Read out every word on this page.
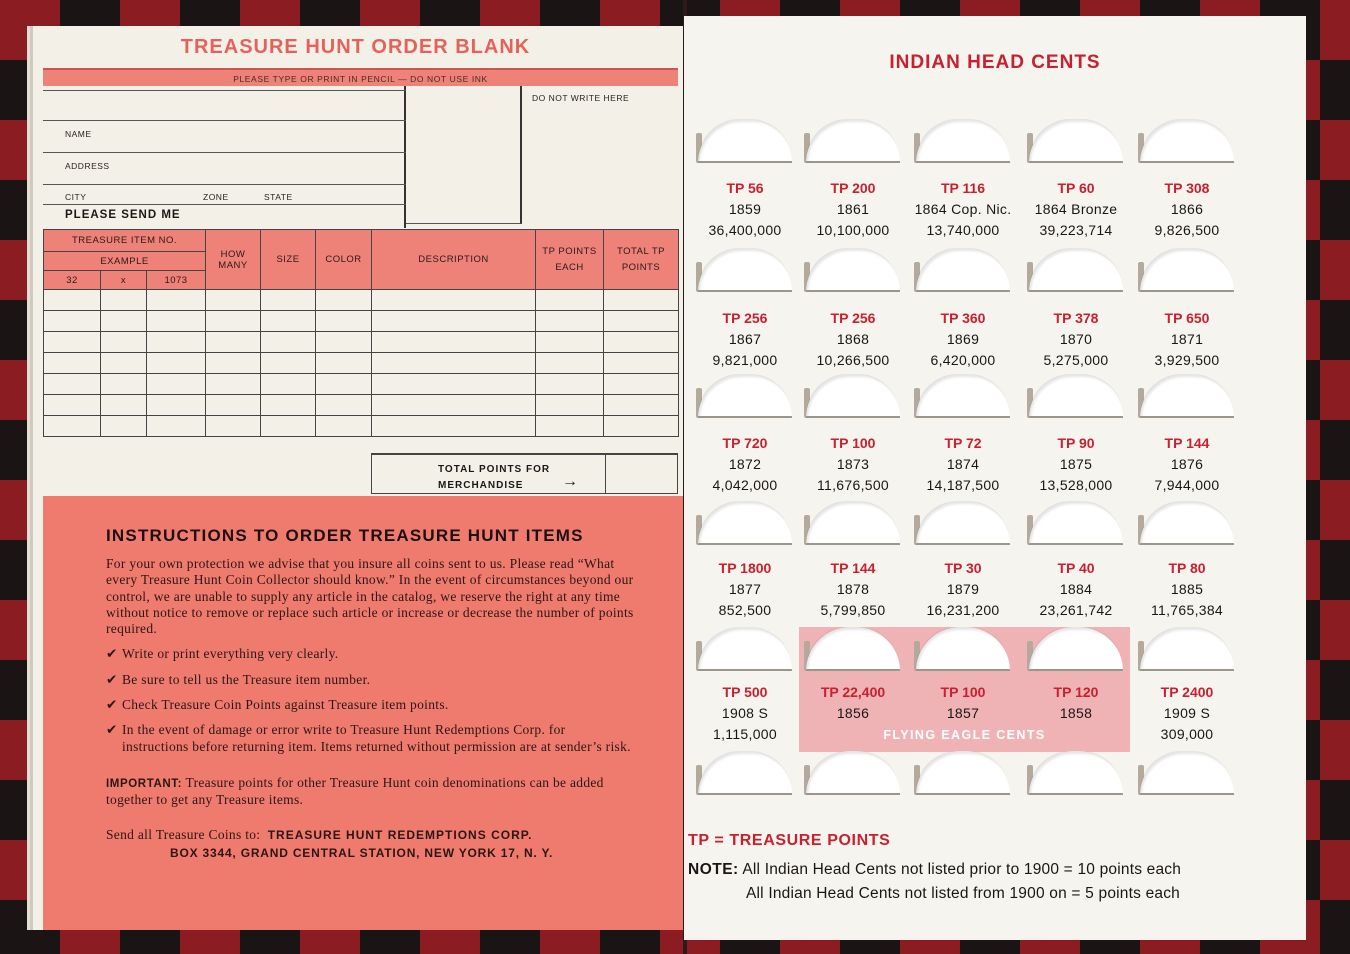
TREASURE HUNT ORDER BLANK
PLEASE TYPE OR PRINT IN PENCIL — DO NOT USE INK
NAME
ADDRESS
CITY	ZONE	STATE
PLEASE SEND ME
DO NOT WRITE HERE
TREASURE ITEM NO.			HOW MANY	SIZE	COLOR	DESCRIPTION	TP POINTS EACH	TOTAL TP POINTS
EXAMPLE								
32	x	1073						

TOTAL POINTS FOR MERCHANDISE	→
INSTRUCTIONS TO ORDER TREASURE HUNT ITEMS

For your own protection we advise that you insure all coins sent to us. Please read “What every Treasure Hunt Coin Collector should know.” In the event of circumstances beyond our control, we are unable to supply any article in the catalog, we reserve the right at any time without notice to remove or replace such article or increase or decrease the number of points required.

✔ Write or print everything very clearly.
✔ Be sure to tell us the Treasure item number.
✔ Check Treasure Coin Points against Treasure item points.
✔ In the event of damage or error write to Treasure Hunt Redemptions Corp. for instructions before returning item. Items returned without permission are at sender’s risk.

IMPORTANT: Treasure points for other Treasure Hunt coin denominations can be added together to get any Treasure items.

Send all Treasure Coins to: TREASURE HUNT REDEMPTIONS CORP.

BOX 3344, GRAND CENTRAL STATION, NEW YORK 17, N. Y.
INDIAN HEAD CENTS
FLYING EAGLE CENTS
TP 56
1859
36,400,000
TP 200
1861
10,100,000
TP 116
1864 Cop. Nic.
13,740,000
TP 60
1864 Bronze
39,223,714
TP 308
1866
9,826,500
TP 256
1867
9,821,000
TP 256
1868
10,266,500
TP 360
1869
6,420,000
TP 378
1870
5,275,000
TP 650
1871
3,929,500
TP 720
1872
4,042,000
TP 100
1873
11,676,500
TP 72
1874
14,187,500
TP 90
1875
13,528,000
TP 144
1876
7,944,000
TP 1800
1877
852,500
TP 144
1878
5,799,850
TP 30
1879
16,231,200
TP 40
1884
23,261,742
TP 80
1885
11,765,384
TP 500
1908 S
1,115,000
TP 22,400
1856
TP 100
1857
TP 120
1858
TP 2400
1909 S
309,000
TP = TREASURE POINTS
NOTE: All Indian Head Cents not listed prior to 1900 = 10 points each
All Indian Head Cents not listed from 1900 on = 5 points each
